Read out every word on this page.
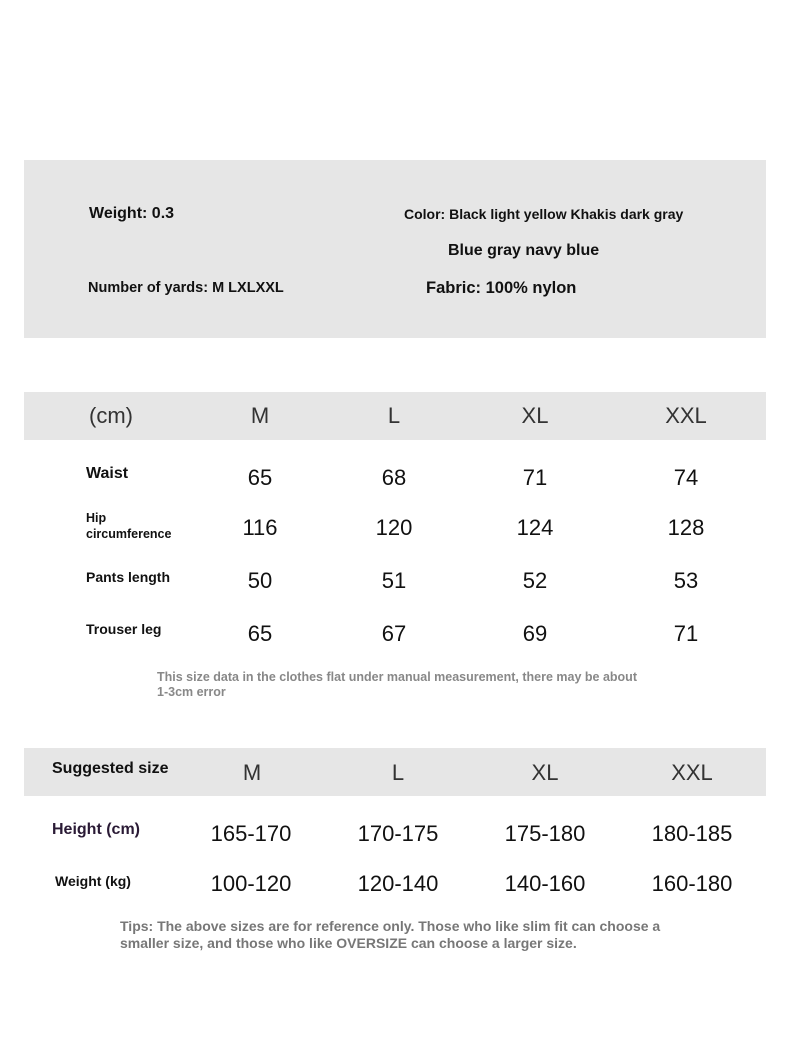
Weight: 0.3	Color: Black light yellow Khakis dark gray
Blue gray navy blue
Number of yards: M LXLXXL	Fabric: 100% nylon
(cm)	M	L	XL	XXL
Waist	65	68	71	74
Hip
circumference	116	120	124	128
Pants length	50	51	52	53
Trouser leg	65	67	69	71
This size data in the clothes flat under manual measurement, there may be about 1-3cm error
Suggested size	M	L	XL	XXL
Height (cm)	165-170	170-175	175-180	180-185
Weight (kg)	100-120	120-140	140-160	160-180
Tips: The above sizes are for reference only. Those who like slim fit can choose a smaller size, and those who like OVERSIZE can choose a larger size.
